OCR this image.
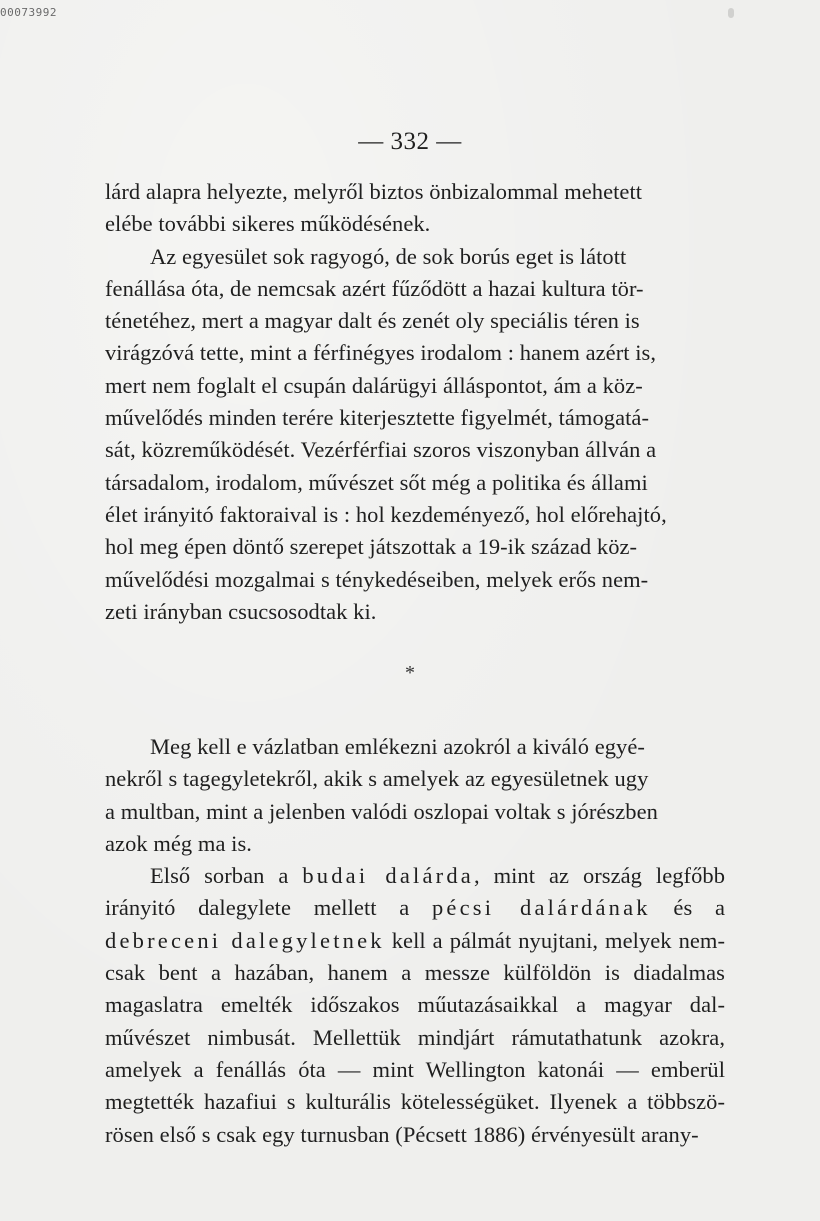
00073992
— 332 —

lárd alapra helyezte, melyről biztos önbizalommal mehetett
elébe további sikeres működésének.

Az egyesület sok ragyogó, de sok borús eget is látott
fenállása óta, de nemcsak azért fűződött a hazai kultura tör-
ténetéhez, mert a magyar dalt és zenét oly speciális téren is
virágzóvá tette, mint a férfinégyes irodalom : hanem azért is,
mert nem foglalt el csupán dalárügyi álláspontot, ám a köz-
művelődés minden terére kiterjesztette figyelmét, támogatá-
sát, közreműködését. Vezérférfiai szoros viszonyban állván a
társadalom, irodalom, művészet sőt még a politika és állami
élet irányitó faktoraival is : hol kezdeményező, hol előrehajtó,
hol meg épen döntő szerepet játszottak a 19-ik század köz-
művelődési mozgalmai s ténykedéseiben, melyek erős nem-
zeti irányban csucsosodtak ki.

*

Meg kell e vázlatban emlékezni azokról a kiváló egyé-
nekről s tagegyletekről, akik s amelyek az egyesületnek ugy
a multban, mint a jelenben valódi oszlopai voltak s jórészben
azok még ma is.

Első sorban a budai dalárda, mint az ország legfőbb irányitó dalegylete mellett a pécsi dalárdának és a debreceni dalegyletnek kell a pálmát nyujtani, melyek nem-csak bent a hazában, hanem a messze külföldön is diadalmas magaslatra emelték időszakos műutazásaikkal a magyar dal-művészet nimbusát. Mellettük mindjárt rámutathatunk azokra, amelyek a fenállás óta — mint Wellington katonái — emberül megtették hazafiui s kulturális kötelességüket. Ilyenek a többszö-rösen első s csak egy turnusban (Pécsett 1886) érvényesült arany-
